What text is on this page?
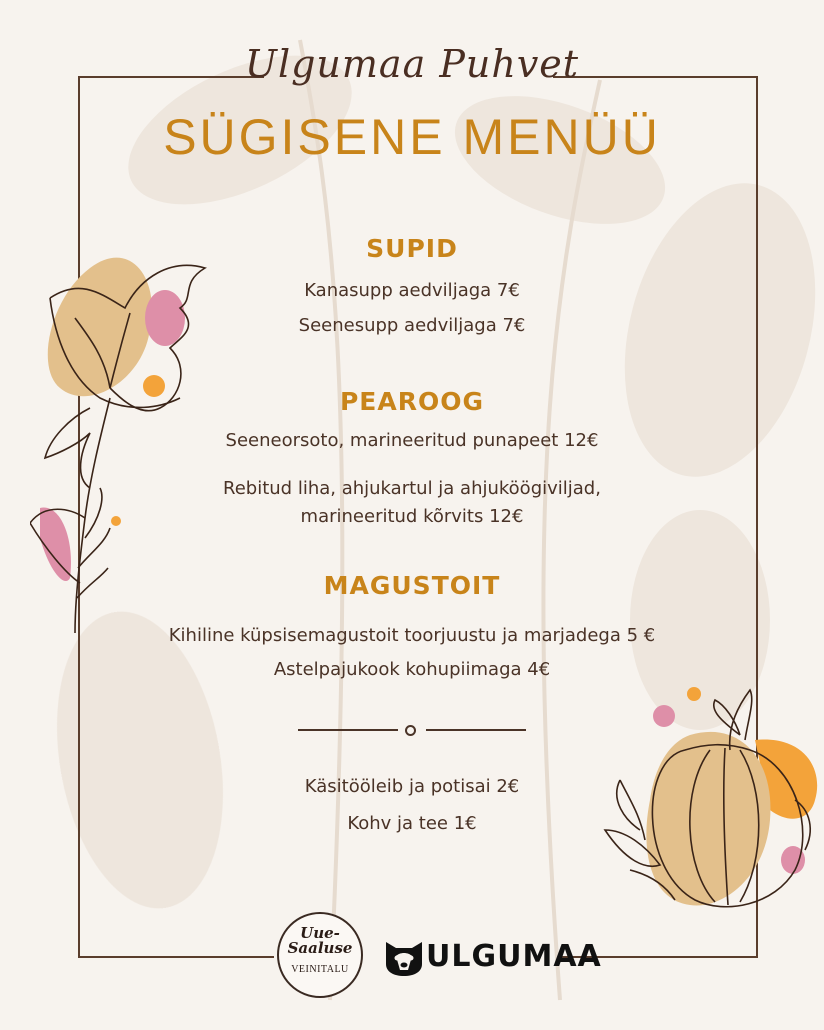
Ulgumaa Puhvet
SÜGISENE MENÜÜ
SUPID
Kanasupp aedviljaga 7€
Seenesupp aedviljaga 7€
PEAROOG
Seeneorsoto, marineeritud punapeet 12€
Rebitud liha, ahjukartul ja ahjuköögiviljad,
marineeritud kõrvits 12€
MAGUSTOIT
Kihiline küpsisemagustoit toorjuustu ja marjadega 5 €
Astelpajukook kohupiimaga 4€
Käsitööleib ja potisai 2€
Kohv ja tee 1€
Uue-
Saaluse
VEINITALU	ULGUMAA
